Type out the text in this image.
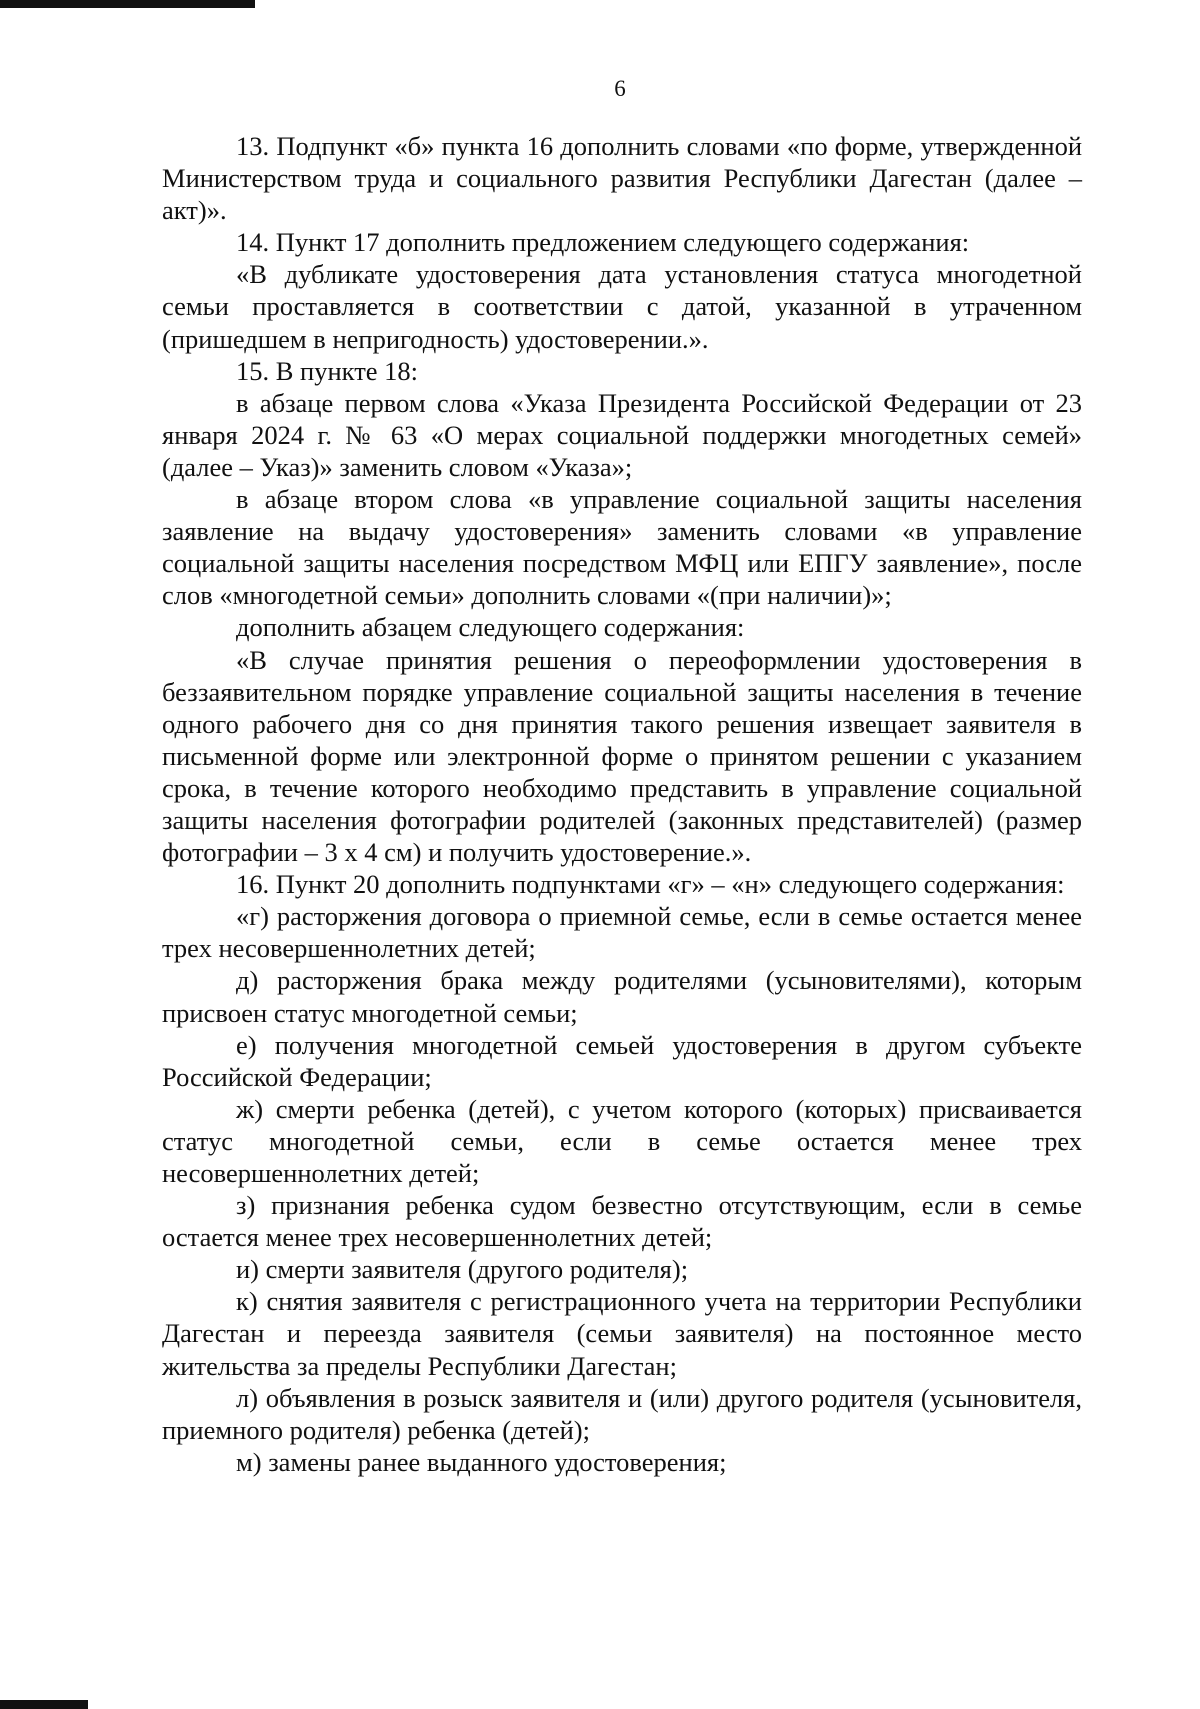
6

13. Подпункт «б» пункта 16 дополнить словами «по форме, утвержденной Министерством труда и социального развития Республики Дагестан (далее – акт)».

14. Пункт 17 дополнить предложением следующего содержания:

«В дубликате удостоверения дата установления статуса многодетной семьи проставляется в соответствии с датой, указанной в утраченном (пришедшем в непригодность) удостоверении.».

15. В пункте 18:

в абзаце первом слова «Указа Президента Российской Федерации от 23 января 2024 г. № 63 «О мерах социальной поддержки многодетных семей» (далее – Указ)» заменить словом «Указа»;

в абзаце втором слова «в управление социальной защиты населения заявление на выдачу удостоверения» заменить словами «в управление социальной защиты населения посредством МФЦ или ЕПГУ заявление», после слов «многодетной семьи» дополнить словами «(при наличии)»;

дополнить абзацем следующего содержания:

«В случае принятия решения о переоформлении удостоверения в беззаявительном порядке управление социальной защиты населения в течение одного рабочего дня со дня принятия такого решения извещает заявителя в письменной форме или электронной форме о принятом решении с указанием срока, в течение которого необходимо представить в управление социальной защиты населения фотографии родителей (законных представителей) (размер фотографии – 3 х 4 см) и получить удостоверение.».

16. Пункт 20 дополнить подпунктами «г» – «н» следующего содержания:

«г) расторжения договора о приемной семье, если в семье остается менее трех несовершеннолетних детей;

д) расторжения брака между родителями (усыновителями), которым присвоен статус многодетной семьи;

е) получения многодетной семьей удостоверения в другом субъекте Российской Федерации;

ж) смерти ребенка (детей), с учетом которого (которых) присваивается статус многодетной семьи, если в семье остается менее трех несовершеннолетних детей;

з) признания ребенка судом безвестно отсутствующим, если в семье остается менее трех несовершеннолетних детей;

и) смерти заявителя (другого родителя);

к) снятия заявителя с регистрационного учета на территории Республики Дагестан и переезда заявителя (семьи заявителя) на постоянное место жительства за пределы Республики Дагестан;

л) объявления в розыск заявителя и (или) другого родителя (усыновителя, приемного родителя) ребенка (детей);

м) замены ранее выданного удостоверения;
